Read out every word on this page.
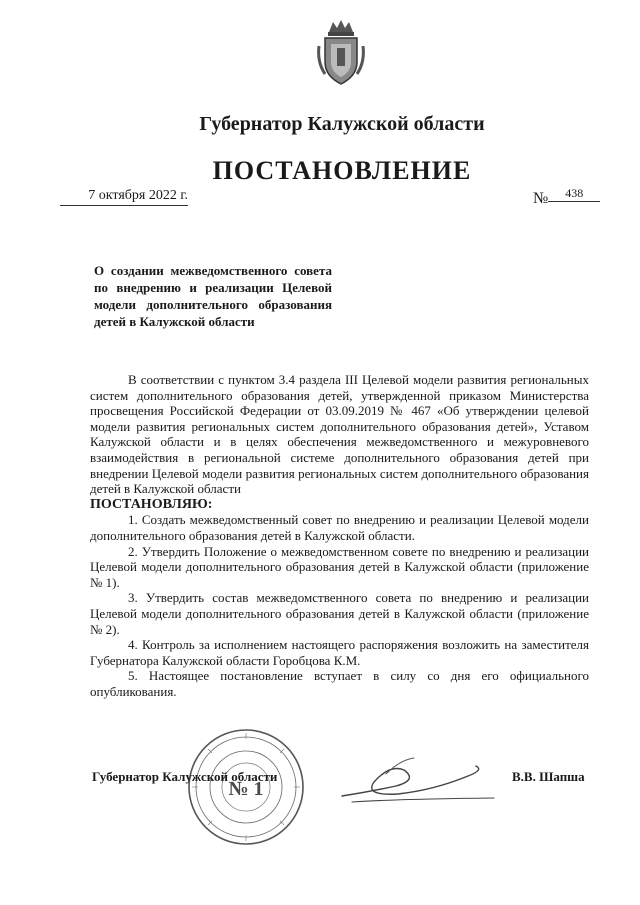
Губернатор Калужской области
ПОСТАНОВЛЕНИЕ
7 октября 2022 г.	№ 438
О создании межведомственного совета по внедрению и реализации Целевой модели дополнительного образования детей в Калужской области

В соответствии с пунктом 3.4 раздела III Целевой модели развития региональных систем дополнительного образования детей, утвержденной приказом Министерства просвещения Российской Федерации от 03.09.2019 № 467 «Об утверждении целевой модели развития региональных систем дополнительного образования детей», Уставом Калужской области и в целях обеспечения межведомственного и межуровневого взаимодействия в региональной системе дополнительного образования детей при внедрении Целевой модели развития региональных систем дополнительного образования детей в Калужской области

ПОСТАНОВЛЯЮ:

1. Создать межведомственный совет по внедрению и реализации Целевой модели дополнительного образования детей в Калужской области.

2. Утвердить Положение о межведомственном совете по внедрению и реализации Целевой модели дополнительного образования детей в Калужской области (приложение № 1).

3. Утвердить состав межведомственного совета по внедрению и реализации Целевой модели дополнительного образования детей в Калужской области (приложение № 2).

4. Контроль за исполнением настоящего распоряжения возложить на заместителя Губернатора Калужской области Горобцова К.М.

5. Настоящее постановление вступает в силу со дня его официального опубликования.

№ 1
Губернатор Калужской области	В.В. Шапша
